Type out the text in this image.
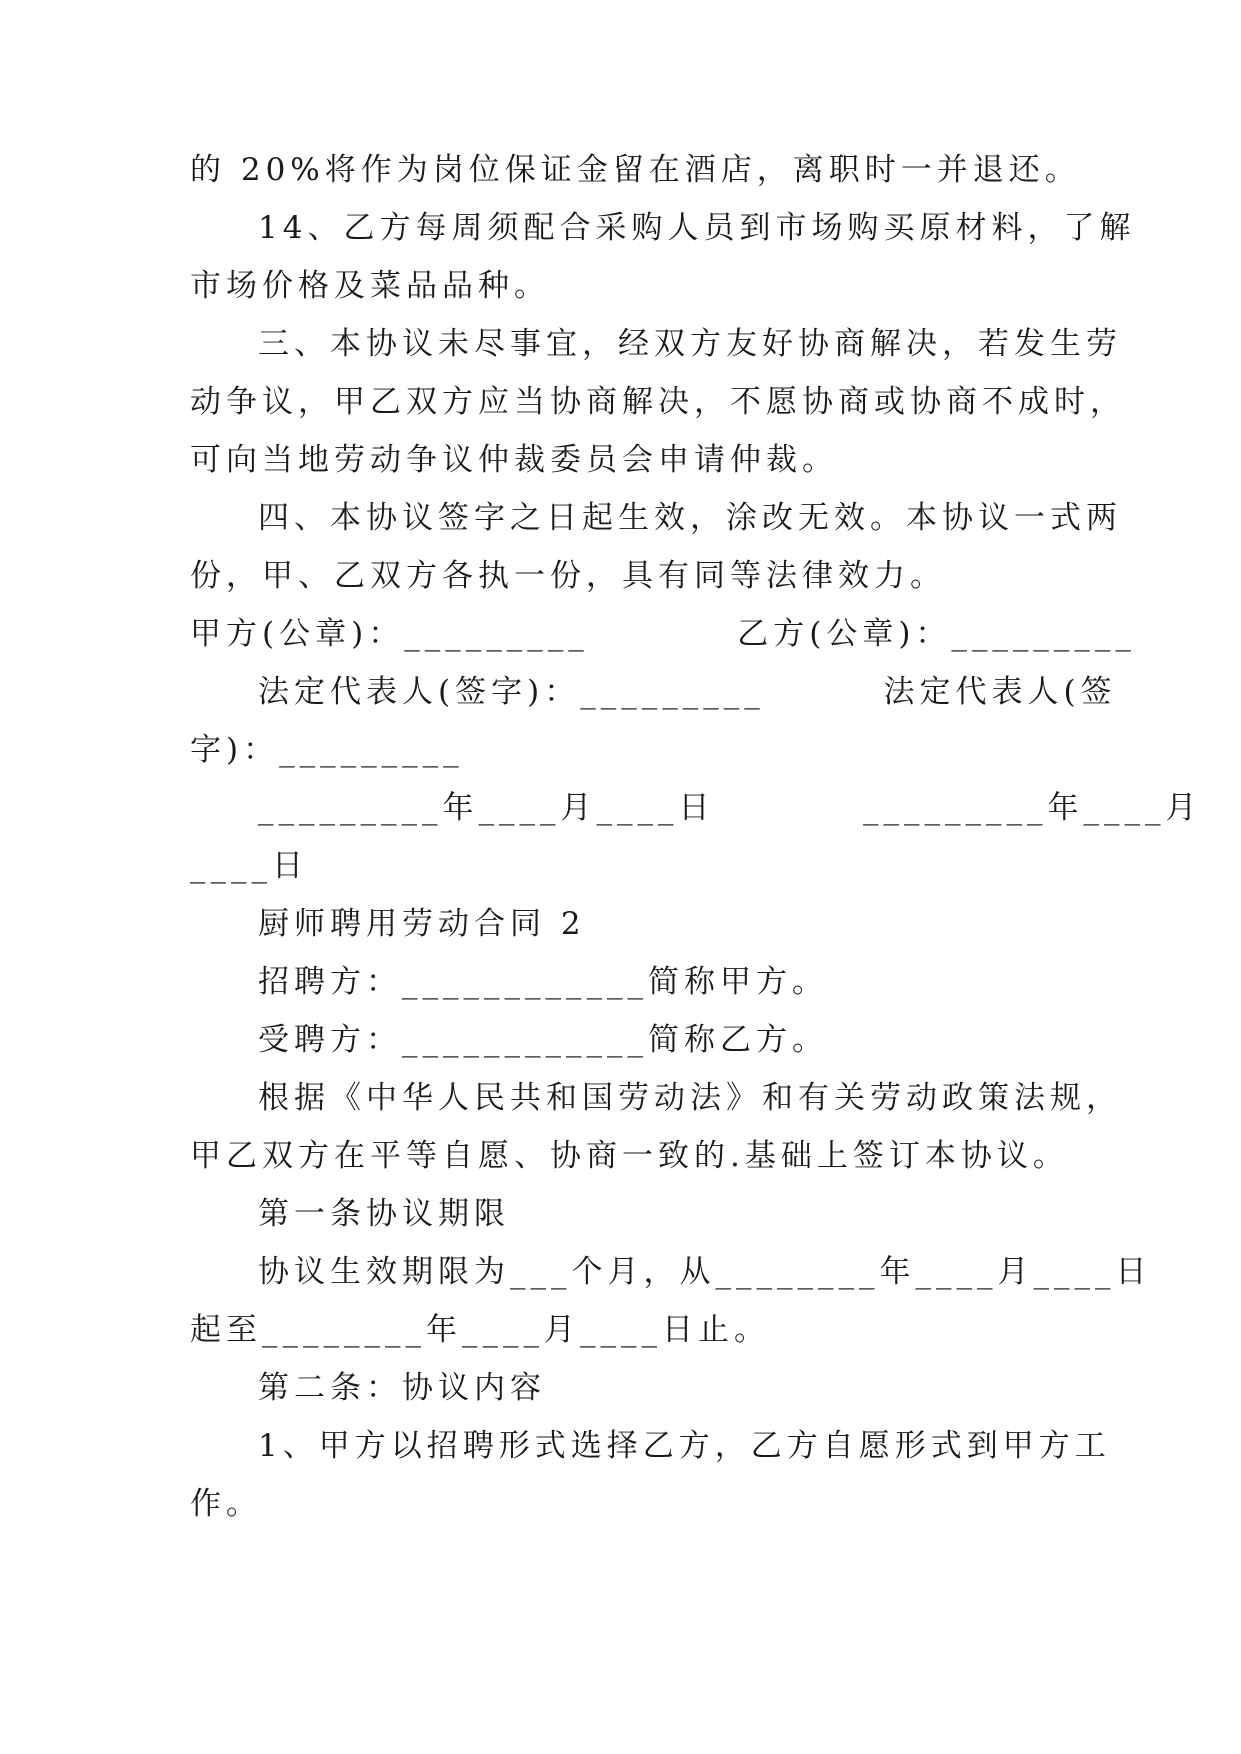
的 20%将作为岗位保证金留在酒店，离职时一并退还。
14、乙方每周须配合采购人员到市场购买原材料，了解
市场价格及菜品品种。
三、本协议未尽事宜，经双方友好协商解决，若发生劳
动争议，甲乙双方应当协商解决，不愿协商或协商不成时，
可向当地劳动争议仲裁委员会申请仲裁。
四、本协议签字之日起生效，涂改无效。本协议一式两
份，甲、乙双方各执一份，具有同等法律效力。
甲方(公章)：_________          乙方(公章)：_________
法定代表人(签字)：_________        法定代表人(签
字)：_________
_________年____月____日          _________年____月
____日
厨师聘用劳动合同 2
招聘方：____________简称甲方。
受聘方：____________简称乙方。
根据《中华人民共和国劳动法》和有关劳动政策法规，
甲乙双方在平等自愿、协商一致的.基础上签订本协议。
第一条协议期限
协议生效期限为___个月，从________年____月____日
起至________年____月____日止。
第二条：协议内容
1、甲方以招聘形式选择乙方，乙方自愿形式到甲方工
作。
